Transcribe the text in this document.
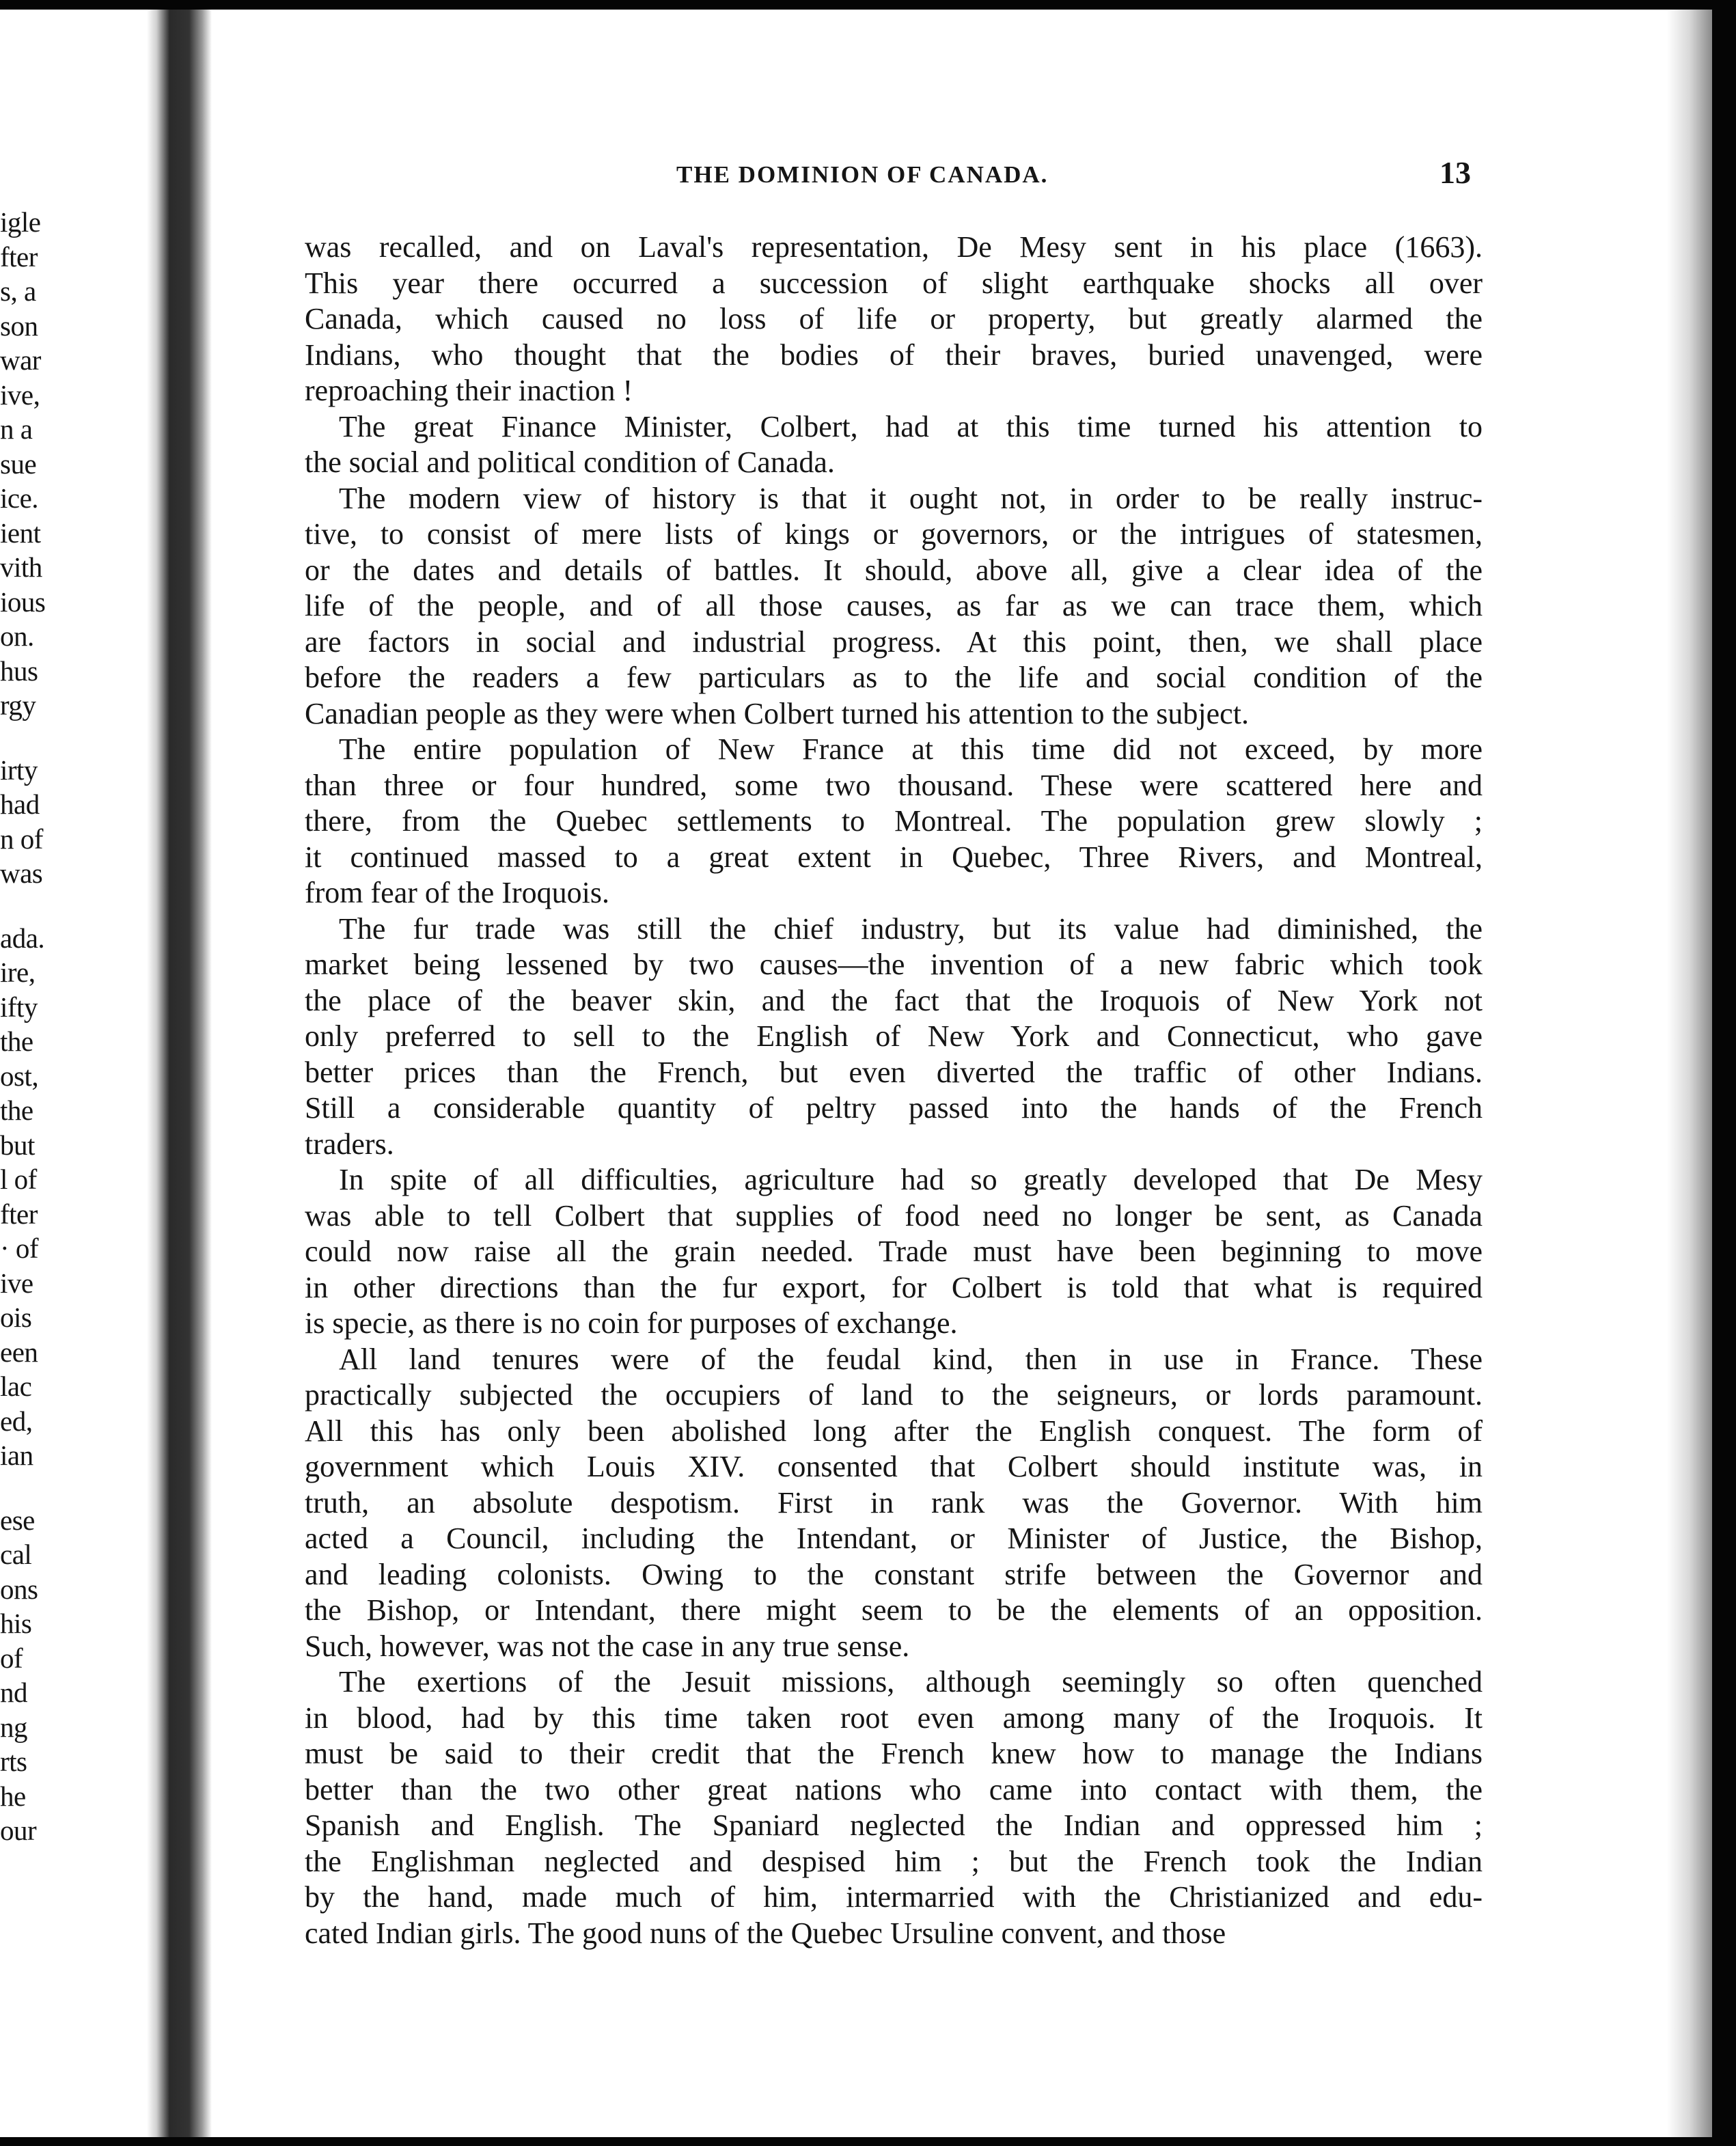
igle
fter
s, a
son
war
ive,
n a
sue
ice.
ient
vith
ious
on.
hus
rgy
irty
had
n of
was
ada.
ire,
ifty
the
ost,
the
but
l of
fter
· of
ive
ois
een
lac
ed,
ian
ese
cal
ons
his
of
nd
ng
rts
he
our
THE DOMINION OF CANADA.	13
was recalled, and on Laval's representation, De Mesy sent in his place (1663).
This year there occurred a succession of slight earthquake shocks all over
Canada, which caused no loss of life or property, but greatly alarmed the
Indians, who thought that the bodies of their braves, buried unavenged, were
reproaching their inaction !
The great Finance Minister, Colbert, had at this time turned his attention to
the social and political condition of Canada.
The modern view of history is that it ought not, in order to be really instruc-
tive, to consist of mere lists of kings or governors, or the intrigues of statesmen,
or the dates and details of battles. It should, above all, give a clear idea of the
life of the people, and of all those causes, as far as we can trace them, which
are factors in social and industrial progress. At this point, then, we shall place
before the readers a few particulars as to the life and social condition of the
Canadian people as they were when Colbert turned his attention to the subject.
The entire population of New France at this time did not exceed, by more
than three or four hundred, some two thousand. These were scattered here and
there, from the Quebec settlements to Montreal. The population grew slowly ;
it continued massed to a great extent in Quebec, Three Rivers, and Montreal,
from fear of the Iroquois.
The fur trade was still the chief industry, but its value had diminished, the
market being lessened by two causes—the invention of a new fabric which took
the place of the beaver skin, and the fact that the Iroquois of New York not
only preferred to sell to the English of New York and Connecticut, who gave
better prices than the French, but even diverted the traffic of other Indians.
Still a considerable quantity of peltry passed into the hands of the French
traders.
In spite of all difficulties, agriculture had so greatly developed that De Mesy
was able to tell Colbert that supplies of food need no longer be sent, as Canada
could now raise all the grain needed. Trade must have been beginning to move
in other directions than the fur export, for Colbert is told that what is required
is specie, as there is no coin for purposes of exchange.
All land tenures were of the feudal kind, then in use in France. These
practically subjected the occupiers of land to the seigneurs, or lords paramount.
All this has only been abolished long after the English conquest. The form of
government which Louis XIV. consented that Colbert should institute was, in
truth, an absolute despotism. First in rank was the Governor. With him
acted a Council, including the Intendant, or Minister of Justice, the Bishop,
and leading colonists. Owing to the constant strife between the Governor and
the Bishop, or Intendant, there might seem to be the elements of an opposition.
Such, however, was not the case in any true sense.
The exertions of the Jesuit missions, although seemingly so often quenched
in blood, had by this time taken root even among many of the Iroquois. It
must be said to their credit that the French knew how to manage the Indians
better than the two other great nations who came into contact with them, the
Spanish and English. The Spaniard neglected the Indian and oppressed him ;
the Englishman neglected and despised him ; but the French took the Indian
by the hand, made much of him, intermarried with the Christianized and edu-
cated Indian girls. The good nuns of the Quebec Ursuline convent, and those
